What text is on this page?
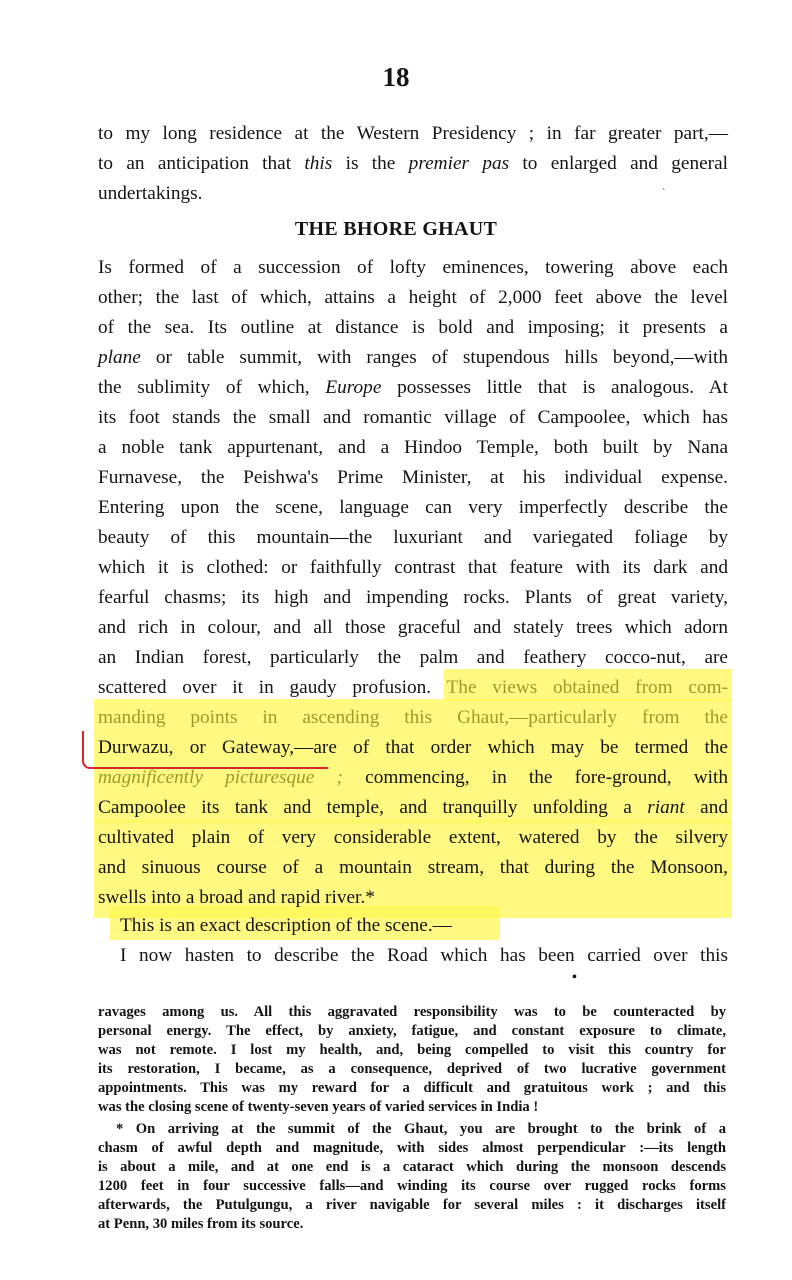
18
to my long residence at the Western Presidency ; in far greater part,—
to an anticipation that this is the premier pas to enlarged and general
undertakings.	`
THE BHORE GHAUT
Is formed of a succession of lofty eminences, towering above each
other; the last of which, attains a height of 2,000 feet above the level
of the sea. Its outline at distance is bold and imposing; it presents a
plane or table summit, with ranges of stupendous hills beyond,—with
the sublimity of which, Europe possesses little that is analogous. At
its foot stands the small and romantic village of Campoolee, which has
a noble tank appurtenant, and a Hindoo Temple, both built by Nana
Furnavese, the Peishwa's Prime Minister, at his individual expense.
Entering upon the scene, language can very imperfectly describe the
beauty of this mountain—the luxuriant and variegated foliage by
which it is clothed: or faithfully contrast that feature with its dark and
fearful chasms; its high and impending rocks. Plants of great variety,
and rich in colour, and all those graceful and stately trees which adorn
an Indian forest, particularly the palm and feathery cocco-nut, are
scattered over it in gaudy profusion. The views obtained from com-
manding points in ascending this Ghaut,—particularly from the
Durwazu, or Gateway,—are of that order which may be termed the
magnificently picturesque ; commencing, in the fore-ground, with
Campoolee its tank and temple, and tranquilly unfolding a riant and
cultivated plain of very considerable extent, watered by the silvery
and sinuous course of a mountain stream, that during the Monsoon,
swells into a broad and rapid river.*
This is an exact description of the scene.—
I now hasten to describe the Road which has been carried over this
•
ravages among us. All this aggravated responsibility was to be counteracted by
personal energy. The effect, by anxiety, fatigue, and constant exposure to climate,
was not remote. I lost my health, and, being compelled to visit this country for
its restoration, I became, as a consequence, deprived of two lucrative government
appointments. This was my reward for a difficult and gratuitous work ; and this
was the closing scene of twenty-seven years of varied services in India !
* On arriving at the summit of the Ghaut, you are brought to the brink of a
chasm of awful depth and magnitude, with sides almost perpendicular :—its length
is about a mile, and at one end is a cataract which during the monsoon descends
1200 feet in four successive falls—and winding its course over rugged rocks forms
afterwards, the Putulgungu, a river navigable for several miles : it discharges itself
at Penn, 30 miles from its source.
